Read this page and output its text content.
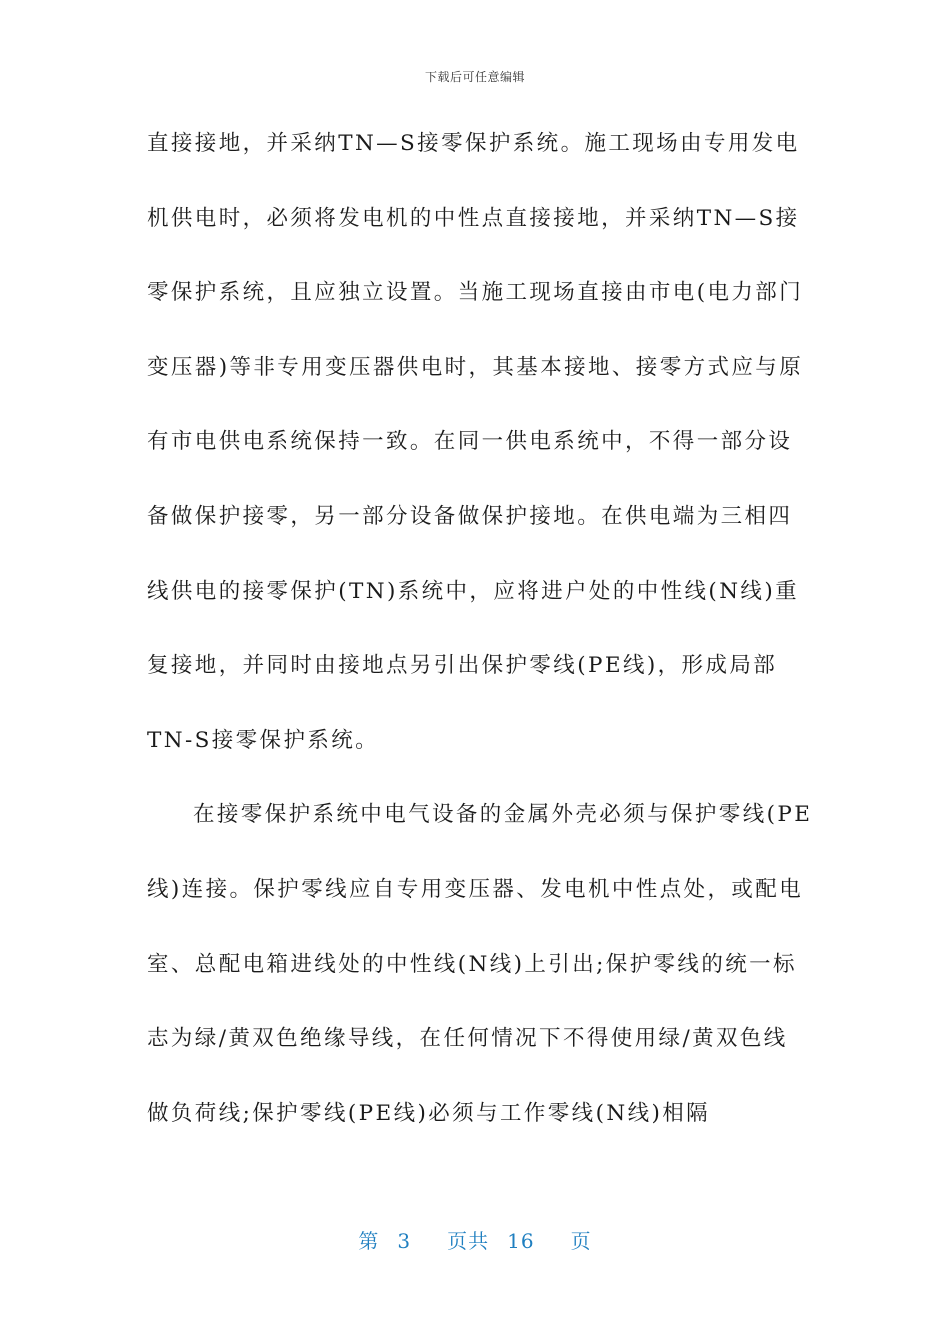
下载后可任意编辑
直接接地，并采纳TN—S接零保护系统。施工现场由专用发电
机供电时，必须将发电机的中性点直接接地，并采纳TN—S接
零保护系统，且应独立设置。当施工现场直接由市电(电力部门
变压器)等非专用变压器供电时，其基本接地、接零方式应与原
有市电供电系统保持一致。在同一供电系统中，不得一部分设
备做保护接零，另一部分设备做保护接地。在供电端为三相四
线供电的接零保护(TN)系统中，应将进户处的中性线(N线)重
复接地，并同时由接地点另引出保护零线(PE线)，形成局部
TN-S接零保护系统。
在接零保护系统中电气设备的金属外壳必须与保护零线(PE
线)连接。保护零线应自专用变压器、发电机中性点处，或配电
室、总配电箱进线处的中性线(N线)上引出;保护零线的统一标
志为绿/黄双色绝缘导线，在任何情况下不得使用绿/黄双色线
做负荷线;保护零线(PE线)必须与工作零线(N线)相隔
第 3 页共 16 页
